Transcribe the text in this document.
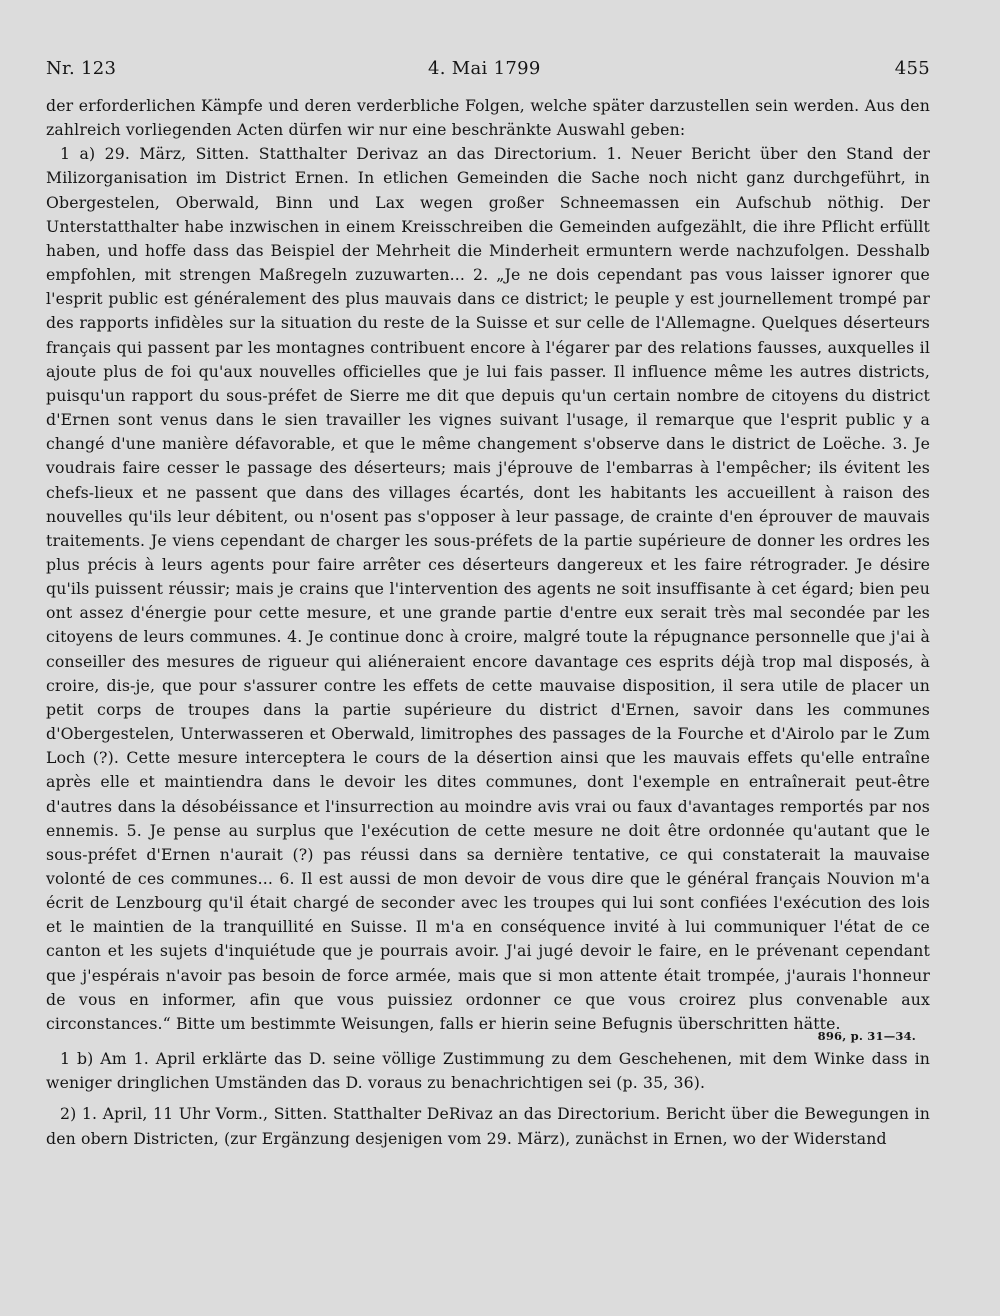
Nr. 123	4. Mai 1799	455

der erforderlichen Kämpfe und deren verderbliche Folgen, welche später darzustellen sein werden. Aus den zahlreich vorliegenden Acten dürfen wir nur eine beschränkte Auswahl geben:

1 a) 29. März, Sitten. Statthalter Derivaz an das Directorium. 1. Neuer Bericht über den Stand der Milizorganisation im District Ernen. In etlichen Gemeinden die Sache noch nicht ganz durchgeführt, in Obergestelen, Oberwald, Binn und Lax wegen großer Schneemassen ein Aufschub nöthig. Der Unterstatthalter habe inzwischen in einem Kreisschreiben die Gemeinden aufgezählt, die ihre Pflicht erfüllt haben, und hoffe dass das Beispiel der Mehrheit die Minderheit ermuntern werde nachzufolgen. Desshalb empfohlen, mit strengen Maßregeln zuzuwarten... 2. „Je ne dois cependant pas vous laisser ignorer que l'esprit public est généralement des plus mauvais dans ce district; le peuple y est journellement trompé par des rapports infidèles sur la situation du reste de la Suisse et sur celle de l'Allemagne. Quelques déserteurs français qui passent par les montagnes contribuent encore à l'égarer par des relations fausses, auxquelles il ajoute plus de foi qu'aux nouvelles officielles que je lui fais passer. Il influence même les autres districts, puisqu'un rapport du sous-préfet de Sierre me dit que depuis qu'un certain nombre de citoyens du district d'Ernen sont venus dans le sien travailler les vignes suivant l'usage, il remarque que l'esprit public y a changé d'une manière défavorable, et que le même changement s'observe dans le district de Loëche. 3. Je voudrais faire cesser le passage des déserteurs; mais j'éprouve de l'embarras à l'empêcher; ils évitent les chefs-lieux et ne passent que dans des villages écartés, dont les habitants les accueillent à raison des nouvelles qu'ils leur débitent, ou n'osent pas s'opposer à leur passage, de crainte d'en éprouver de mauvais traitements. Je viens cependant de charger les sous-préfets de la partie supérieure de donner les ordres les plus précis à leurs agents pour faire arrêter ces déserteurs dangereux et les faire rétrograder. Je désire qu'ils puissent réussir; mais je crains que l'intervention des agents ne soit insuffisante à cet égard; bien peu ont assez d'énergie pour cette mesure, et une grande partie d'entre eux serait très mal secondée par les citoyens de leurs communes. 4. Je continue donc à croire, malgré toute la répugnance personnelle que j'ai à conseiller des mesures de rigueur qui aliéneraient encore davantage ces esprits déjà trop mal disposés, à croire, dis-je, que pour s'assurer contre les effets de cette mauvaise disposition, il sera utile de placer un petit corps de troupes dans la partie supérieure du district d'Ernen, savoir dans les communes d'Obergestelen, Unterwasseren et Oberwald, limitrophes des passages de la Fourche et d'Airolo par le Zum Loch (?). Cette mesure interceptera le cours de la désertion ainsi que les mauvais effets qu'elle entraîne après elle et maintiendra dans le devoir les dites communes, dont l'exemple en entraînerait peut-être d'autres dans la désobéissance et l'insurrection au moindre avis vrai ou faux d'avantages remportés par nos ennemis. 5. Je pense au surplus que l'exécution de cette mesure ne doit être ordonnée qu'autant que le sous-préfet d'Ernen n'aurait (?) pas réussi dans sa dernière tentative, ce qui constaterait la mauvaise volonté de ces communes... 6. Il est aussi de mon devoir de vous dire que le général français Nouvion m'a écrit de Lenzbourg qu'il était chargé de seconder avec les troupes qui lui sont confiées l'exécution des lois et le maintien de la tranquillité en Suisse. Il m'a en conséquence invité à lui communiquer l'état de ce canton et les sujets d'inquiétude que je pourrais avoir. J'ai jugé devoir le faire, en le prévenant cependant que j'espérais n'avoir pas besoin de force armée, mais que si mon attente était trompée, j'aurais l'honneur de vous en informer, afin que vous puissiez ordonner ce que vous croirez plus convenable aux circonstances.“ Bitte um bestimmte Weisungen, falls er hierin seine Befugnis überschritten hätte.

896, p. 31—34.

1 b) Am 1. April erklärte das D. seine völlige Zustimmung zu dem Geschehenen, mit dem Winke dass in weniger dringlichen Umständen das D. voraus zu benachrichtigen sei (p. 35, 36).

2) 1. April, 11 Uhr Vorm., Sitten. Statthalter DeRivaz an das Directorium. Bericht über die Bewegungen in den obern Districten, (zur Ergänzung desjenigen vom 29. März), zunächst in Ernen, wo der Widerstand
